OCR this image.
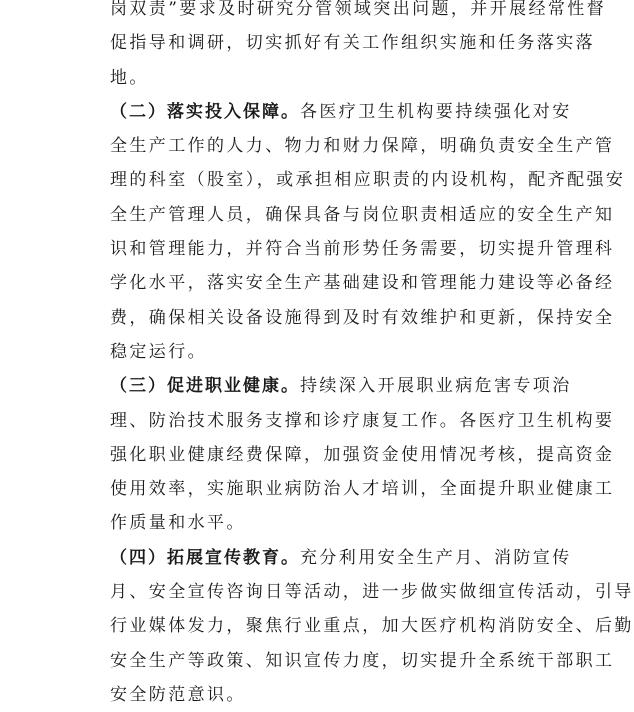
岗双责”要求及时研究分管领域突出问题，并开展经常性督
促指导和调研，切实抓好有关工作组织实施和任务落实落
地。
（二）落实投入保障。各医疗卫生机构要持续强化对安
全生产工作的人力、物力和财力保障，明确负责安全生产管
理的科室（股室），或承担相应职责的内设机构，配齐配强安
全生产管理人员，确保具备与岗位职责相适应的安全生产知
识和管理能力，并符合当前形势任务需要，切实提升管理科
学化水平，落实安全生产基础建设和管理能力建设等必备经
费，确保相关设备设施得到及时有效维护和更新，保持安全
稳定运行。
（三）促进职业健康。持续深入开展职业病危害专项治
理、防治技术服务支撑和诊疗康复工作。各医疗卫生机构要
强化职业健康经费保障，加强资金使用情况考核，提高资金
使用效率，实施职业病防治人才培训，全面提升职业健康工
作质量和水平。
（四）拓展宣传教育。充分利用安全生产月、消防宣传
月、安全宣传咨询日等活动，进一步做实做细宣传活动，引导
行业媒体发力，聚焦行业重点，加大医疗机构消防安全、后勤
安全生产等政策、知识宣传力度，切实提升全系统干部职工
安全防范意识。
